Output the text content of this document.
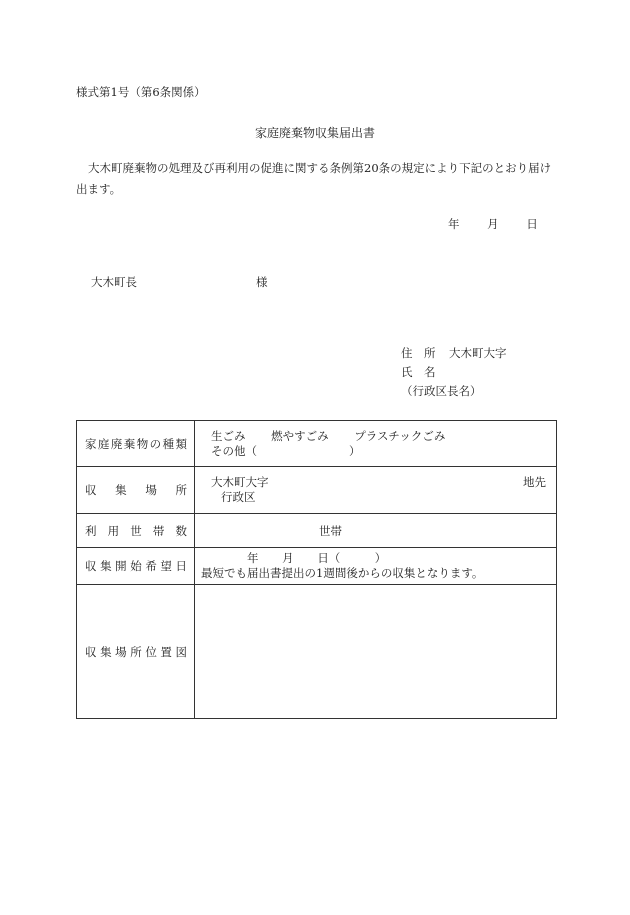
様式第1号（第6条関係）
家庭廃棄物収集届出書
大木町廃棄物の処理及び再利用の促進に関する条例第20条の規定により下記のとおり届け出ます。
年 月 日
大木町長	様
住　所 大木町大字
氏　名
（行政区長名）
家庭廃棄物の種類	生ごみ 燃やすごみ プラスチックごみ
その他（　　　　　　　　）

収集場所	大木町大字
行政区
地先

利用世帯数	世帯

収集開始希望日	年 月 日（　　　）
最短でも届出書提出の1週間後からの収集となります。

収集場所位置図	
